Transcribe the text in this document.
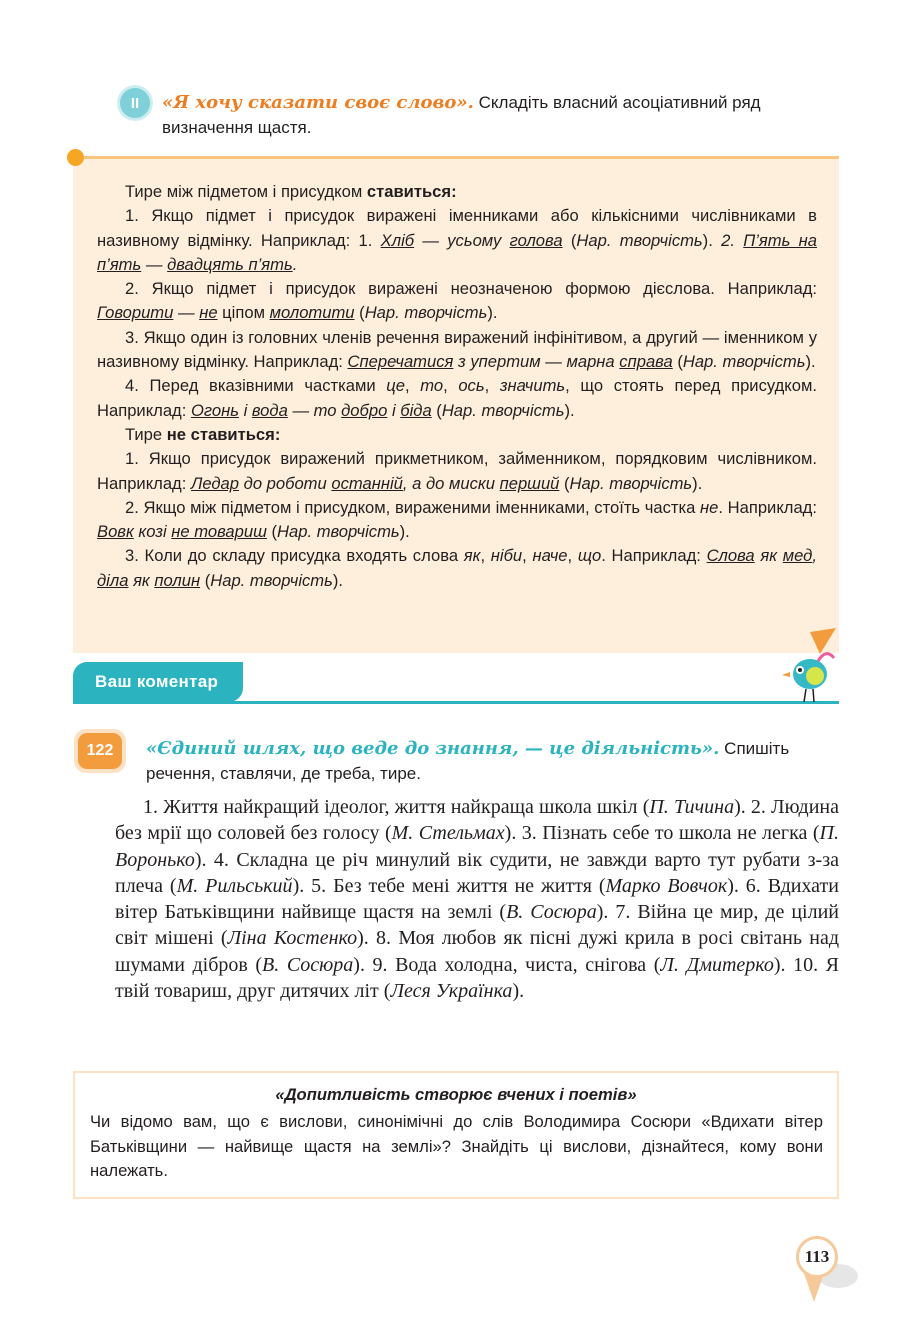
II	«Я хочу сказати своє слово». Складіть власний асоціативний ряд визначення щастя.

Тире між підметом і присудком ставиться:

1. Якщо підмет і присудок виражені іменниками або кількісними числівниками в називному відмінку. Наприклад: 1. Хліб — усьому голова (Нар. творчість). 2. П’ять на п’ять — двадцять п’ять.

2. Якщо підмет і присудок виражені неозначеною формою дієслова. Наприклад: Говорити — не ціпом молотити (Нар. творчість).

3. Якщо один із головних членів речення виражений інфінітивом, а другий — іменником у називному відмінку. Наприклад: Сперечатися з упертим — марна справа (Нар. творчість).

4. Перед вказівними частками це, то, ось, значить, що стоять перед присудком. Наприклад: Огонь і вода — то добро і біда (Нар. творчість).

Тире не ставиться:

1. Якщо присудок виражений прикметником, займенником, порядковим числівником. Наприклад: Ледар до роботи останній, а до миски перший (Нар. творчість).

2. Якщо між підметом і присудком, вираженими іменниками, стоїть частка не. Наприклад: Вовк козі не товариш (Нар. творчість).

3. Коли до складу присудка входять слова як, ніби, наче, що. Наприклад: Слова як мед, діла як полин (Нар. творчість).

Ваш коментар
122	«Єдиний шлях, що веде до знання, — це діяльність». Спишіть речення, ставлячи, де треба, тире.

1. Життя найкращий ідеолог, життя найкраща школа шкіл (П. Тичина). 2. Людина без мрії що соловей без голосу (М. Стельмах). 3. Пізнать себе то школа не легка (П. Воронько). 4. Складна це річ минулий вік судити, не завжди варто тут рубати з-за плеча (М. Рильський). 5. Без тебе мені життя не життя (Марко Вовчок). 6. Вдихати вітер Батьківщини найвище щастя на землі (В. Сосюра). 7. Війна це мир, де цілий світ мішені (Ліна Костенко). 8. Моя любов як пісні дужі крила в росі світань над шумами дібров (В. Сосюра). 9. Вода холодна, чиста, снігова (Л. Дмитерко). 10. Я твій товариш, друг дитячих літ (Леся Українка).

«Допитливість створює вчених і поетів»
Чи відомо вам, що є вислови, синонімічні до слів Володимира Сосюри «Вдихати вітер Батьківщини — найвище щастя на землі»? Знайдіть ці вислови, дізнайтеся, кому вони належать.
113
